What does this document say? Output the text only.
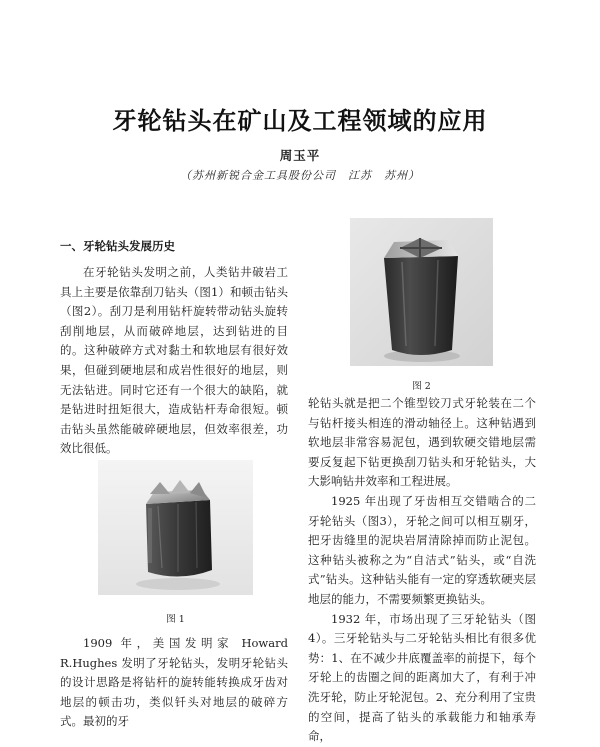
牙轮钻头在矿山及工程领域的应用
周玉平
（苏州新锐合金工具股份公司　江苏　苏州）
一、牙轮钻头发展历史

在牙轮钻头发明之前，人类钻井破岩工具上主要是依靠刮刀钻头（图1）和顿击钻头（图2）。刮刀是利用钻杆旋转带动钻头旋转刮削地层，从而破碎地层，达到钻进的目的。这种破碎方式对黏土和软地层有很好效果，但碰到硬地层和成岩性很好的地层，则无法钻进。同时它还有一个很大的缺陷，就是钻进时扭矩很大，造成钻杆寿命很短。顿击钻头虽然能破碎硬地层，但效率很差，功效比很低。

图 1

1909 年，美国发明家 Howard R.Hughes 发明了牙轮钻头，发明牙轮钻头的设计思路是将钻杆的旋转能转换成牙齿对地层的顿击功，类似钎头对地层的破碎方式。最初的牙

图 2

轮钻头就是把二个锥型铰刀式牙轮装在二个与钻杆接头相连的滑动轴径上。这种钻遇到软地层非常容易泥包，遇到软硬交错地层需要反复起下钻更换刮刀钻头和牙轮钻头，大大影响钻井效率和工程进展。

1925 年出现了牙齿相互交错啮合的二牙轮钻头（图3），牙轮之间可以相互剔牙，把牙齿缝里的泥块岩屑清除掉而防止泥包。这种钻头被称之为“自洁式”钻头，或“自洗式”钻头。这种钻头能有一定的穿透软硬夹层地层的能力，不需要频繁更换钻头。

1932 年，市场出现了三牙轮钻头（图4）。三牙轮钻头与二牙轮钻头相比有很多优势：1、在不减少井底覆盖率的前提下，每个牙轮上的齿圈之间的距离加大了，有利于冲洗牙轮，防止牙轮泥包。2、充分利用了宝贵的空间，提高了钻头的承载能力和轴承寿命，
